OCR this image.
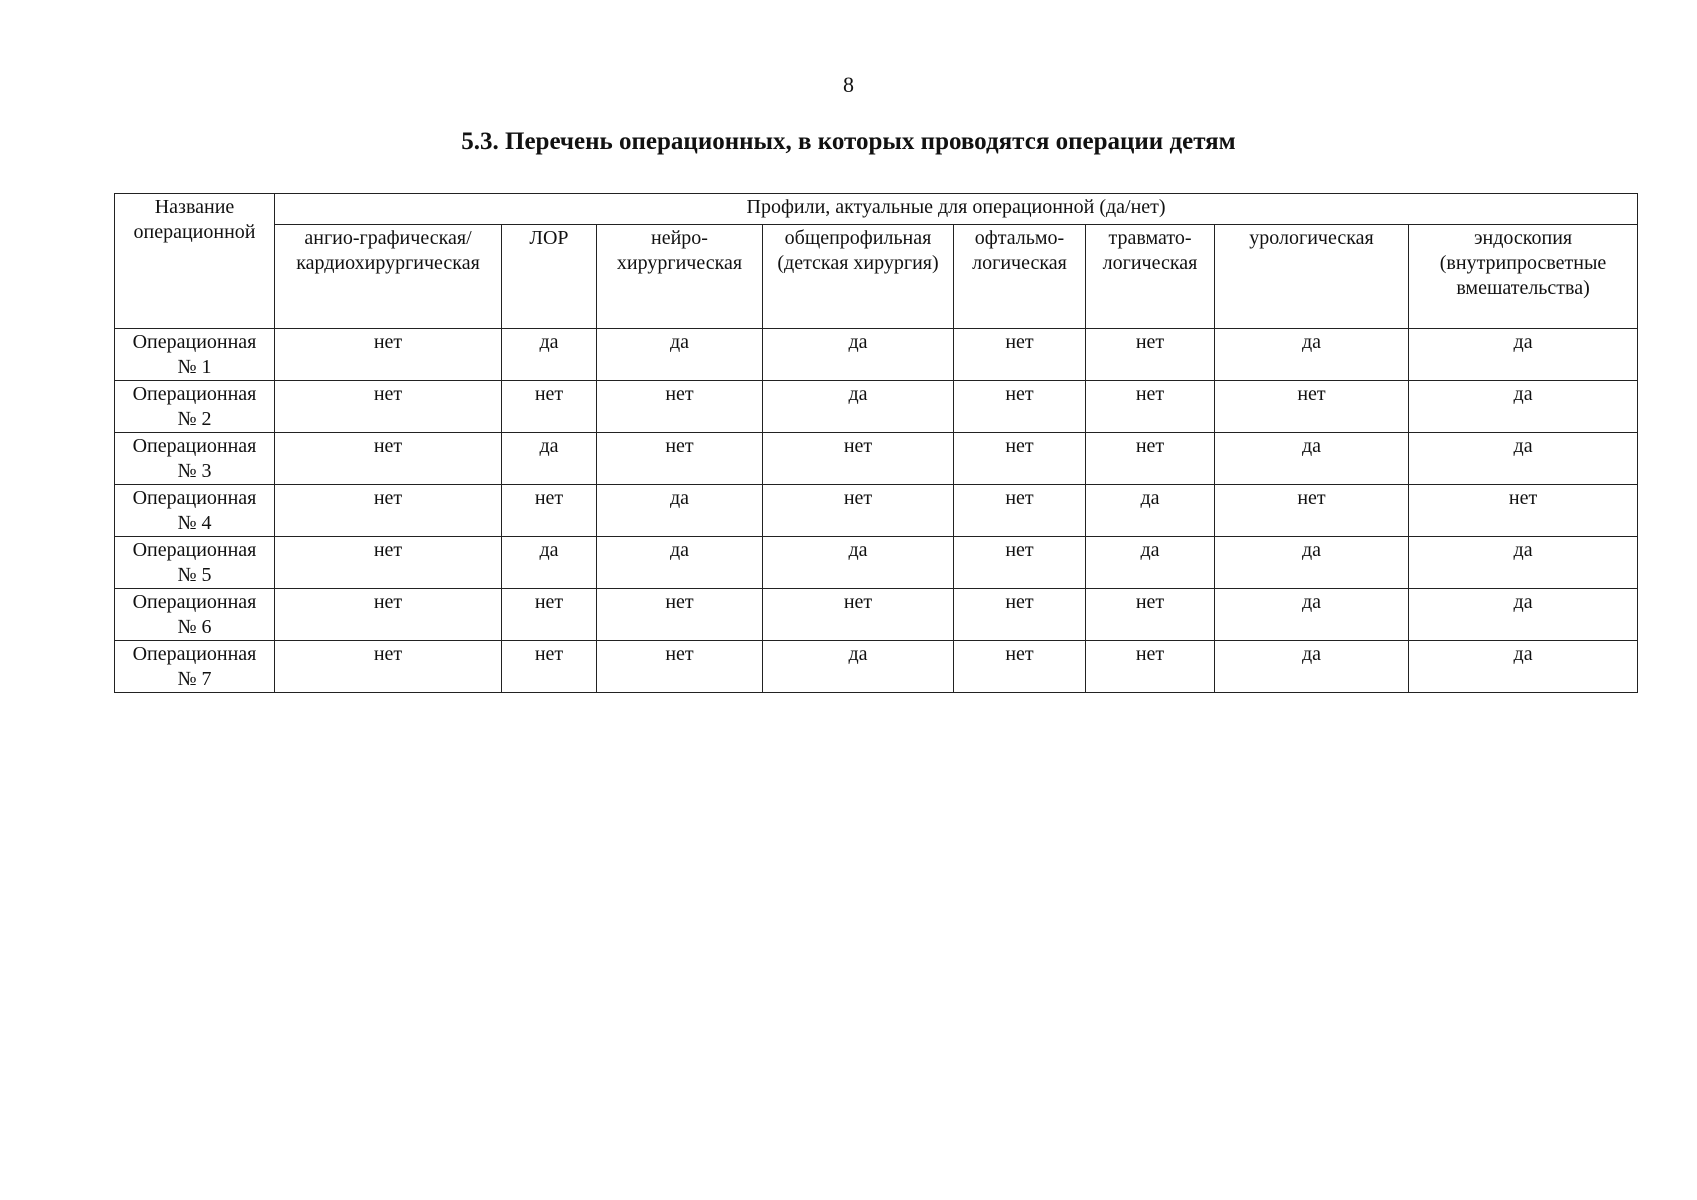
8
5.3. Перечень операционных, в которых проводятся операции детям
Название операционной	Профили, актуальные для операционной (да/нет)							
	ангио-графическая/ кардиохирургическая	ЛОР	нейро- хирургическая	общепрофильная (детская хирургия)	офтальмо- логическая	травмато- логическая	урологическая	эндоскопия (внутрипросветные вмешательства)

Операционная
№ 1	нет	да	да	да	нет	нет	да	да

Операционная
№ 2	нет	нет	нет	да	нет	нет	нет	да

Операционная
№ 3	нет	да	нет	нет	нет	нет	да	да

Операционная
№ 4	нет	нет	да	нет	нет	да	нет	нет

Операционная
№ 5	нет	да	да	да	нет	да	да	да

Операционная
№ 6	нет	нет	нет	нет	нет	нет	да	да

Операционная
№ 7	нет	нет	нет	да	нет	нет	да	да
